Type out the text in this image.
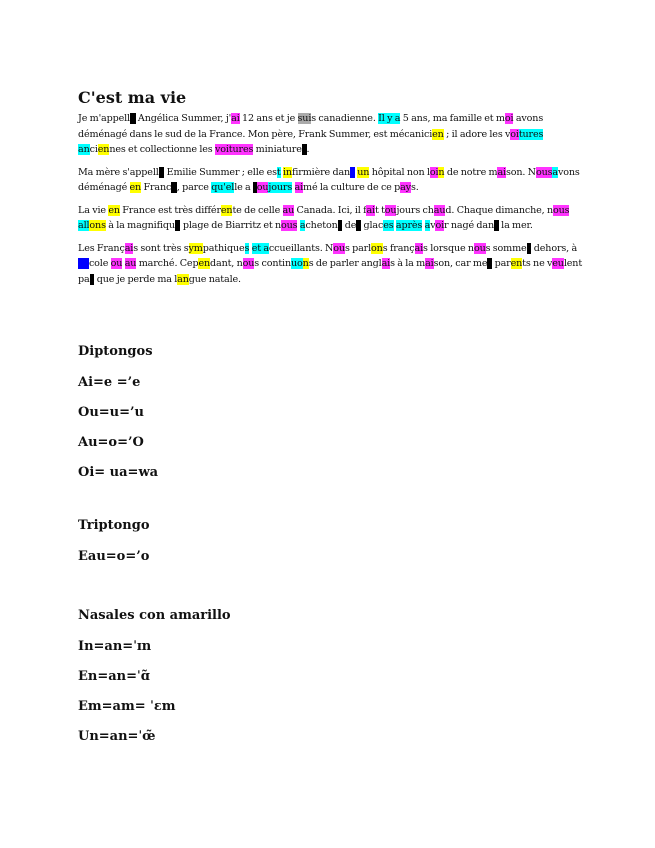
C'est ma vie

Je m'appelle Angélica Summer, j'ai 12 ans et je suis canadienne. Il y a 5 ans, ma famille et moi avons déménagé dans le sud de la France. Mon père, Frank Summer, est mécanicien ; il adore les voitures anciennes et collectionne les voitures miniatures.

Ma mère s'appelle Emilie Summer ; elle est infirmière dans un hôpital non loin de notre maison. Nousavons déménagé en France, parce qu'elle a toujours aimé la culture de ce pays.

La vie en France est très différente de celle au Canada. Ici, il fait toujours chaud. Chaque dimanche, nous allons à la magnifique plage de Biarritz et nous achetons des glaces après avoir nagé dans la mer.

Les Français sont très sympathiques et accueillants. Nous parlons français lorsque nous sommes dehors, à l'école ou au marché. Cependant, nous continuons de parler anglais à la maison, car mes parents ne veulent pas que je perde ma langue natale.

Diptongos

Ai=e =’e

Ou=u=’u

Au=o=’O

Oi= ua=wa

Triptongo

Eau=o=’o

Nasales con amarillo

In=an=ˈɪn

En=an=ˈɑ̃

Em=am= ˈɛm

Un=an=ˈœ̃
